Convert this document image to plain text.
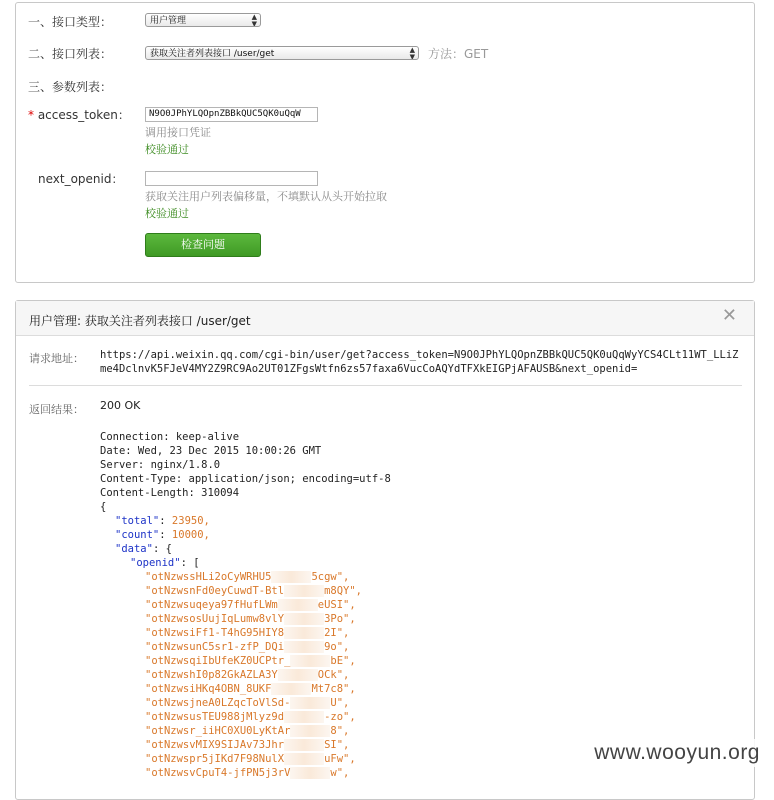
一、接口类型：	用户管理	▲
▼
二、接口列表：	获取关注者列表接口 /user/get	▲
▼ 方法：GET
三、参数列表：
* access_token：	N9O0JPhYLQOpnZBBkQUC5QK0uQqW
调用接口凭证
校验通过
next_openid：
获取关注用户列表偏移量，不填默认从头开始拉取
校验通过
检查问题
用户管理: 获取关注者列表接口 /user/get	✕
请求地址： https://api.weixin.qq.com/cgi-bin/user/get?access_token=N9O0JPhYLQOpnZBBkQUC5QK0uQqWyYCS4CLt11WT_LLiZme4DclnvK5FJeV4MY2Z9RC9Ao2UT01ZFgsWtfn6zs57faxa6VucCoAQYdTFXkEIGPjAFAUSB&next_openid=
返回结果： 200 OK
Connection: keep-alive
Date: Wed, 23 Dec 2015 10:00:26 GMT
Server: nginx/1.8.0
Content-Type: application/json; encoding=utf-8
Content-Length: 310094
{
"total": 23950,
"count": 10000,
"data": {
"openid": [
"otNzwssHLi2oCyWRHU5	5cgw",
"otNzwsnFd0eyCuwdT-Btl	m8QY",
"otNzwsuqeya97fHufLWm	eUSI",
"otNzwsosUujIqLumw8vlY	3Po",
"otNzwsiFf1-T4hG95HIY8	2I",
"otNzwsunC5sr1-zfP_DQi	9o",
"otNzwsqiIbUfeKZ0UCPtr_	bE",
"otNzwshI0p82GkAZLA3Y	OCk",
"otNzwsiHKq4OBN_8UKF	Mt7c8",
"otNzwsjneA0LZqcToVlSd-	U",
"otNzwsusTEU988jMlyz9d	-zo",
"otNzwsr_iiHC0XU0LyKtAr	8",
"otNzwsvMIX9SIJAv73Jhr	SI",
"otNzwspr5jIKd7F98NulX	uFw",
"otNzwsvCpuT4-jfPN5j3rV	w",
www.wooyun.org
